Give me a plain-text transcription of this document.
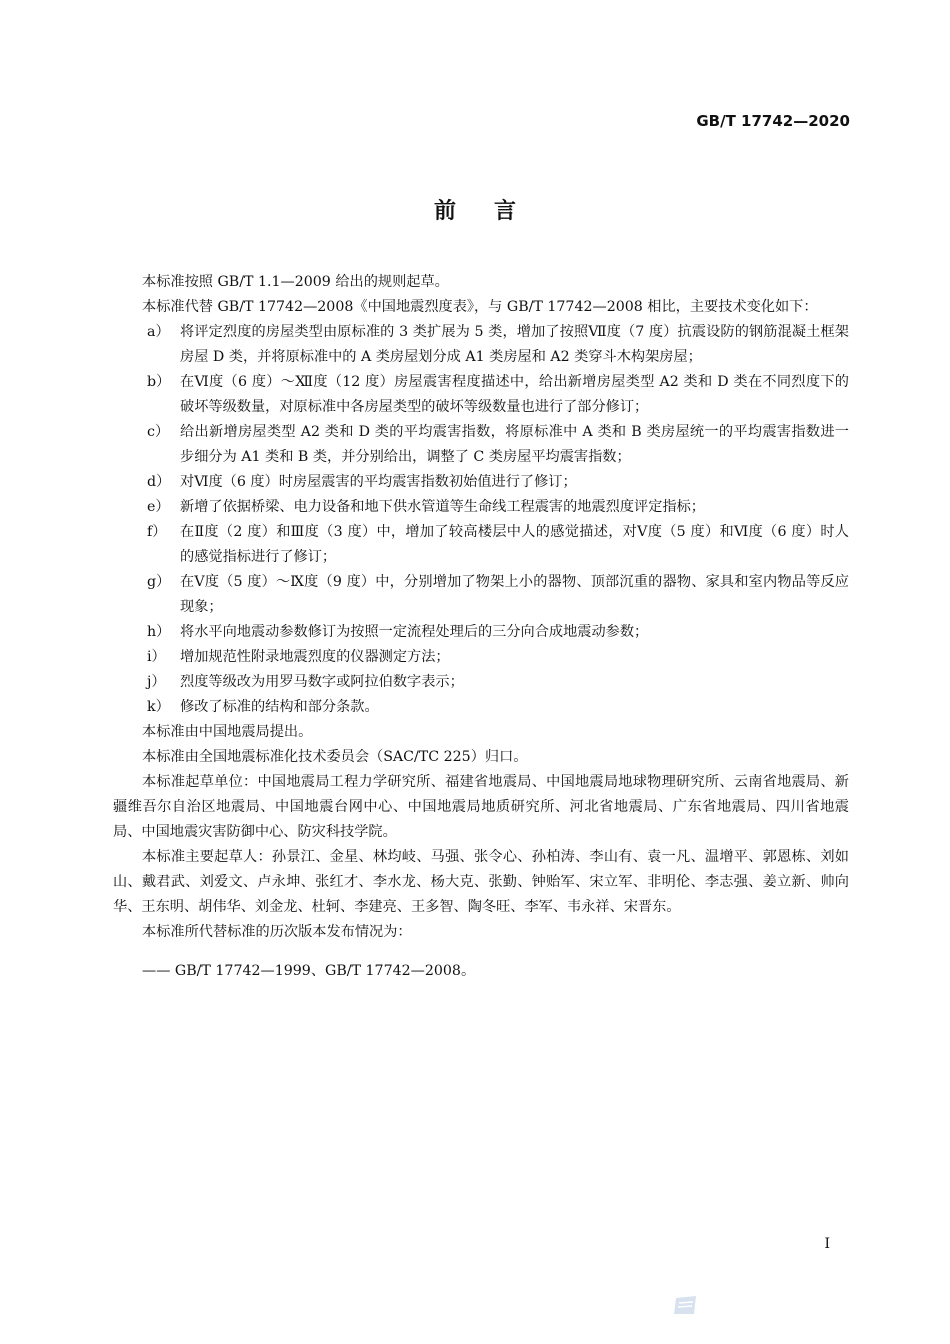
GB/T 17742—2020
前言

本标准按照 GB/T 1.1—2009 给出的规则起草。

本标准代替 GB/T 17742—2008《中国地震烈度表》，与 GB/T 17742—2008 相比，主要技术变化如下：

a） 将评定烈度的房屋类型由原标准的 3 类扩展为 5 类，增加了按照Ⅶ度（7 度）抗震设防的钢筋混凝土框架房屋 D 类，并将原标准中的 A 类房屋划分成 A1 类房屋和 A2 类穿斗木构架房屋；
b） 在Ⅵ度（6 度）～Ⅻ度（12 度）房屋震害程度描述中，给出新增房屋类型 A2 类和 D 类在不同烈度下的破坏等级数量，对原标准中各房屋类型的破坏等级数量也进行了部分修订；
c） 给出新增房屋类型 A2 类和 D 类的平均震害指数，将原标准中 A 类和 B 类房屋统一的平均震害指数进一步细分为 A1 类和 B 类，并分别给出，调整了 C 类房屋平均震害指数；
d） 对Ⅵ度（6 度）时房屋震害的平均震害指数初始值进行了修订；
e） 新增了依据桥梁、电力设备和地下供水管道等生命线工程震害的地震烈度评定指标；
f） 在Ⅱ度（2 度）和Ⅲ度（3 度）中，增加了较高楼层中人的感觉描述，对Ⅴ度（5 度）和Ⅵ度（6 度）时人的感觉指标进行了修订；
g） 在Ⅴ度（5 度）～Ⅸ度（9 度）中，分别增加了物架上小的器物、顶部沉重的器物、家具和室内物品等反应现象；
h） 将水平向地震动参数修订为按照一定流程处理后的三分向合成地震动参数；
i） 增加规范性附录地震烈度的仪器测定方法；
j） 烈度等级改为用罗马数字或阿拉伯数字表示；
k） 修改了标准的结构和部分条款。

本标准由中国地震局提出。

本标准由全国地震标准化技术委员会（SAC/TC 225）归口。

本标准起草单位：中国地震局工程力学研究所、福建省地震局、中国地震局地球物理研究所、云南省地震局、新疆维吾尔自治区地震局、中国地震台网中心、中国地震局地质研究所、河北省地震局、广东省地震局、四川省地震局、中国地震灾害防御中心、防灾科技学院。

本标准主要起草人：孙景江、金星、林均岐、马强、张令心、孙柏涛、李山有、袁一凡、温增平、郭恩栋、刘如山、戴君武、刘爱文、卢永坤、张红才、李水龙、杨大克、张勤、钟贻军、宋立军、非明伦、李志强、姜立新、帅向华、王东明、胡伟华、刘金龙、杜轲、李建亮、王多智、陶冬旺、李军、韦永祥、宋晋东。

本标准所代替标准的历次版本发布情况为：

—— GB/T 17742—1999、GB/T 17742—2008。

Ⅰ
